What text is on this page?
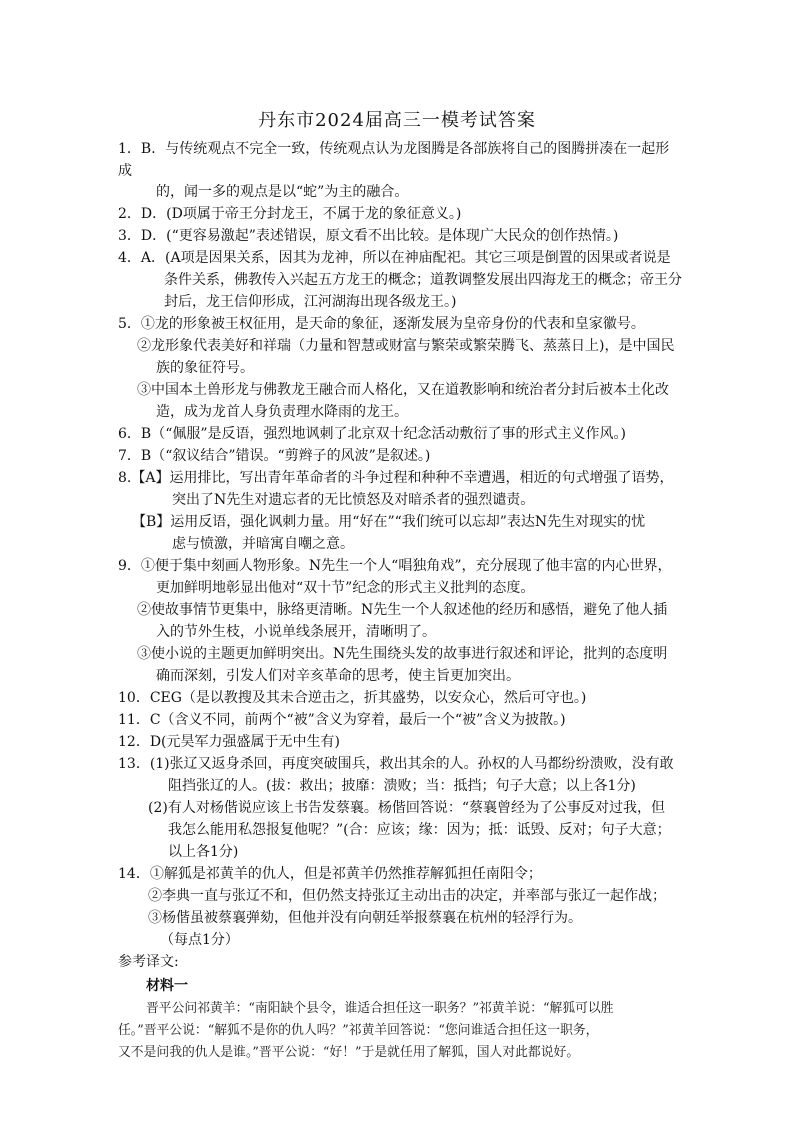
丹东市2024届高三一模考试答案
1．B．与传统观点不完全一致，传统观点认为龙图腾是各部族将自己的图腾拼凑在一起形
成
的，闻一多的观点是以“蛇”为主的融合。
2．D．(D项属于帝王分封龙王，不属于龙的象征意义。)
3．D．(“更容易激起”表述错误，原文看不出比较。是体现广大民众的创作热情。)
4．A．(A项是因果关系，因其为龙神，所以在神庙配祀。其它三项是倒置的因果或者说是
条件关系，佛教传入兴起五方龙王的概念；道教调整发展出四海龙王的概念；帝王分
封后，龙王信仰形成，江河湖海出现各级龙王。)
5．①龙的形象被王权征用，是天命的象征，逐渐发展为皇帝身份的代表和皇家徽号。
②龙形象代表美好和祥瑞（力量和智慧或财富与繁荣或繁荣腾飞、蒸蒸日上)，是中国民
族的象征符号。
③中国本土兽形龙与佛教龙王融合而人格化，又在道教影响和统治者分封后被本土化改
造，成为龙首人身负责理水降雨的龙王。
6．B（“佩服”是反语，强烈地讽刺了北京双十纪念活动敷衍了事的形式主义作风。)
7．B（“叙议结合”错误。“剪辫子的风波”是叙述。)
8.【A】运用排比，写出青年革命者的斗争过程和种种不幸遭遇，相近的句式增强了语势，
突出了N先生对遗忘者的无比愤怒及对暗杀者的强烈谴责。
【B】运用反语，强化讽刺力量。用“好在”“我们统可以忘却”表达N先生对现实的忧
虑与愤激，并暗寓自嘲之意。
9．①便于集中刻画人物形象。N先生一个人“唱独角戏”，充分展现了他丰富的内心世界，
更加鲜明地彰显出他对“双十节”纪念的形式主义批判的态度。
②使故事情节更集中，脉络更清晰。N先生一个人叙述他的经历和感悟，避免了他人插
入的节外生枝，小说单线条展开，清晰明了。
③使小说的主题更加鲜明突出。N先生围绕头发的故事进行叙述和评论，批判的态度明
确而深刻，引发人们对辛亥革命的思考，使主旨更加突出。
10．CEG（是以教搜及其未合逆击之，折其盛势，以安众心，然后可守也。)
11．C（含义不同，前两个“被”含义为穿着，最后一个“被”含义为披散。)
12．D(元昊军力强盛属于无中生有)
13．(1)张辽又返身杀回，再度突破围兵，救出其余的人。孙权的人马都纷纷溃败，没有敢
阻挡张辽的人。(拔：救出；披靡：溃败；当：抵挡；句子大意；以上各1分)
(2)有人对杨偕说应该上书告发蔡襄。杨偕回答说：“蔡襄曾经为了公事反对过我，但
我怎么能用私怨报复他呢？”(合：应该；缘：因为；抵：诋毁、反对；句子大意；
以上各1分)
14．①解狐是祁黄羊的仇人，但是祁黄羊仍然推荐解狐担任南阳令；
②李典一直与张辽不和，但仍然支持张辽主动出击的决定，并率部与张辽一起作战；
③杨偕虽被蔡襄弹劾，但他并没有向朝廷举报蔡襄在杭州的轻浮行为。
（每点1分）
参考译文:
材料一
晋平公问祁黄羊：“南阳缺个县令，谁适合担任这一职务？”祁黄羊说：“解狐可以胜
任。”晋平公说：“解狐不是你的仇人吗？”祁黄羊回答说：“您问谁适合担任这一职务，
又不是问我的仇人是谁。”晋平公说：“好！”于是就任用了解狐，国人对此都说好。
